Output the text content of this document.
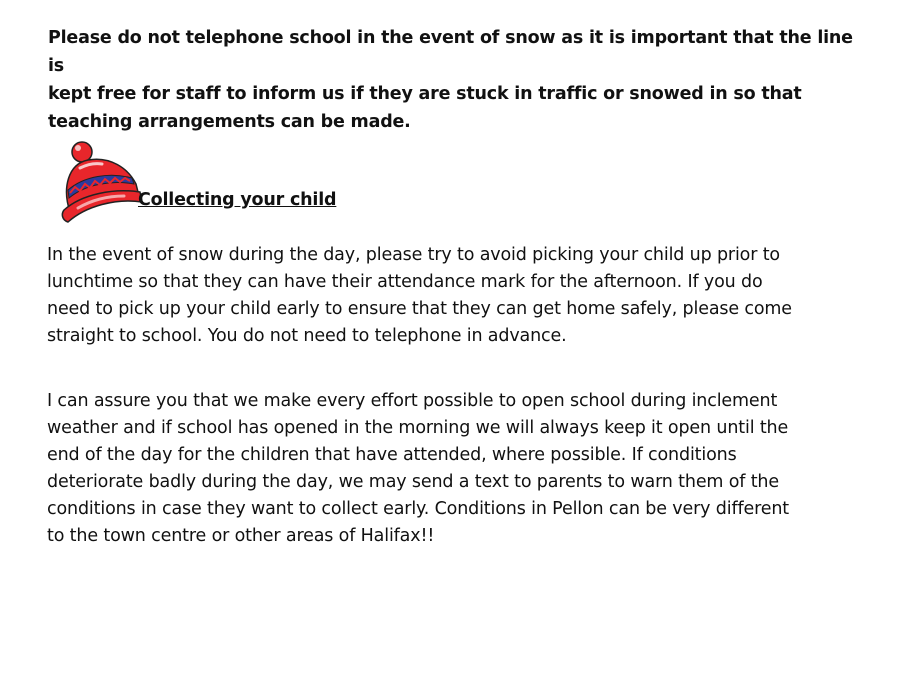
Please do not telephone school in the event of snow as it is important that the line is
kept free for staff to inform us if they are stuck in traffic or snowed in so that
teaching arrangements can be made.
Collecting your child
In the event of snow during the day, please try to avoid picking your child up prior to
lunchtime so that they can have their attendance mark for the afternoon. If you do
need to pick up your child early to ensure that they can get home safely, please come
straight to school. You do not need to telephone in advance.
I can assure you that we make every effort possible to open school during inclement
weather and if school has opened in the morning we will always keep it open until the
end of the day for the children that have attended, where possible. If conditions
deteriorate badly during the day, we may send a text to parents to warn them of the
conditions in case they want to collect early. Conditions in Pellon can be very different
to the town centre or other areas of Halifax!!
